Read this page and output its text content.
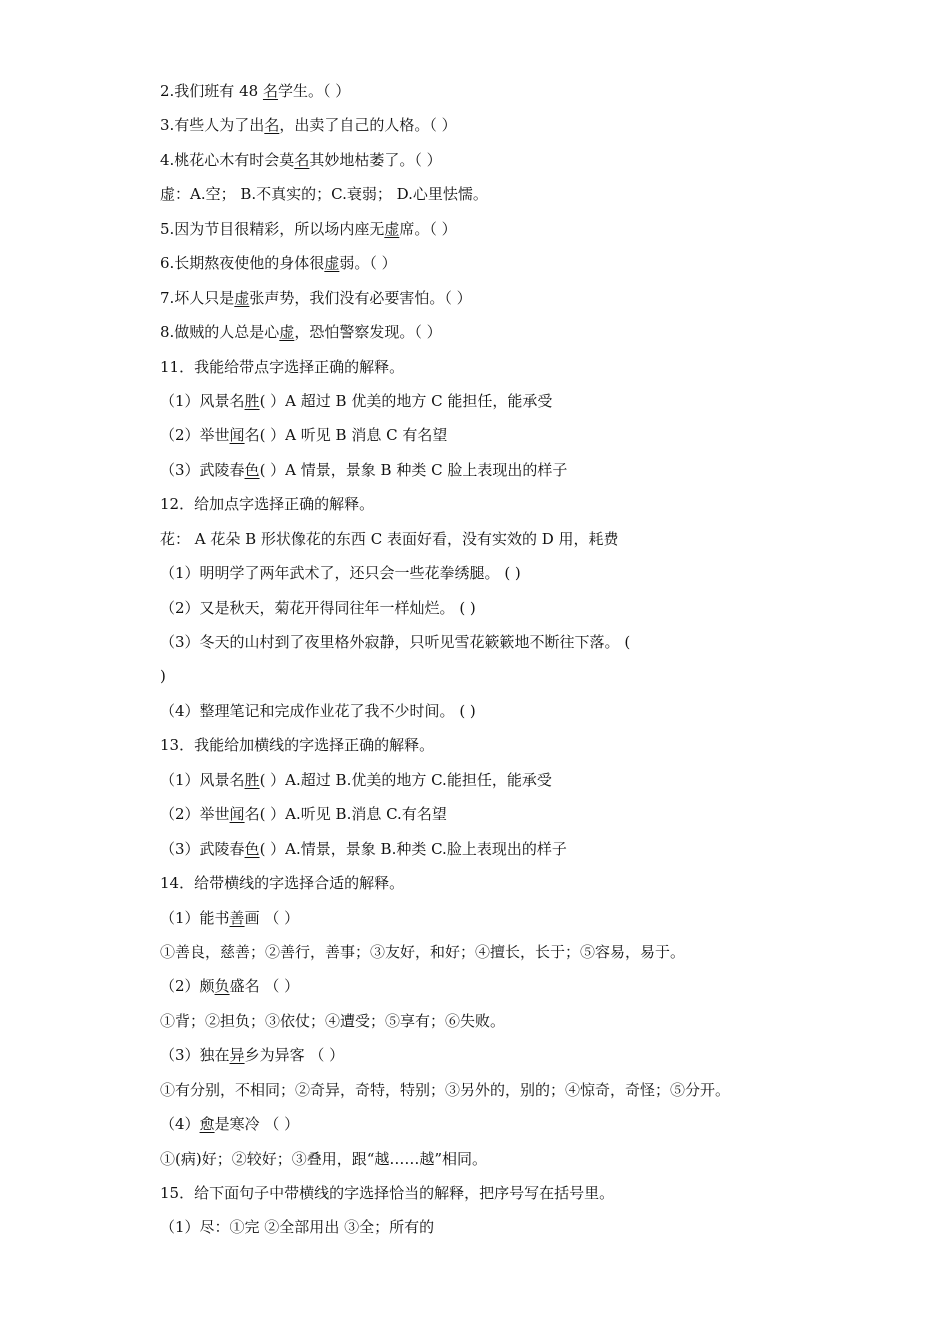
2.我们班有 48 名学生。（ ）
3.有些人为了出名，出卖了自己的人格。（ ）
4.桃花心木有时会莫名其妙地枯萎了。（ ）
虚：A.空； B.不真实的；C.衰弱； D.心里怯懦。
5.因为节目很精彩，所以场内座无虚席。（ ）
6.长期熬夜使他的身体很虚弱。（ ）
7.坏人只是虚张声势，我们没有必要害怕。（ ）
8.做贼的人总是心虚，恐怕警察发现。（ ）
11．我能给带点字选择正确的解释。
（1）风景名胜( ）A 超过 B 优美的地方 C 能担任，能承受
（2）举世闻名( ）A 听见 B 消息 C 有名望
（3）武陵春色( ）A 情景，景象 B 种类 C 脸上表现出的样子
12．给加点字选择正确的解释。
花： A 花朵 B 形状像花的东西 C 表面好看，没有实效的 D 用，耗费
（1）明明学了两年武术了，还只会一些花拳绣腿。 ( )
（2）又是秋天，菊花开得同往年一样灿烂。 ( )
（3）冬天的山村到了夜里格外寂静，只听见雪花簌簌地不断往下落。 (
)
（4）整理笔记和完成作业花了我不少时间。 ( )
13．我能给加横线的字选择正确的解释。
（1）风景名胜( ）A.超过 B.优美的地方 C.能担任，能承受
（2）举世闻名( ）A.听见 B.消息 C.有名望
（3）武陵春色( ）A.情景，景象 B.种类 C.脸上表现出的样子
14．给带横线的字选择合适的解释。
（1）能书善画 （ ）
①善良，慈善；②善行，善事；③友好，和好；④擅长，长于；⑤容易，易于。
（2）颇负盛名 （ ）
①背；②担负；③依仗；④遭受；⑤享有；⑥失败。
（3）独在异乡为异客 （ ）
①有分别，不相同；②奇异，奇特，特别；③另外的，别的；④惊奇，奇怪；⑤分开。
（4）愈是寒冷 （ ）
①(病)好；②较好；③叠用，跟“越……越”相同。
15．给下面句子中带横线的字选择恰当的解释，把序号写在括号里。
（1）尽：①完 ②全部用出 ③全；所有的
